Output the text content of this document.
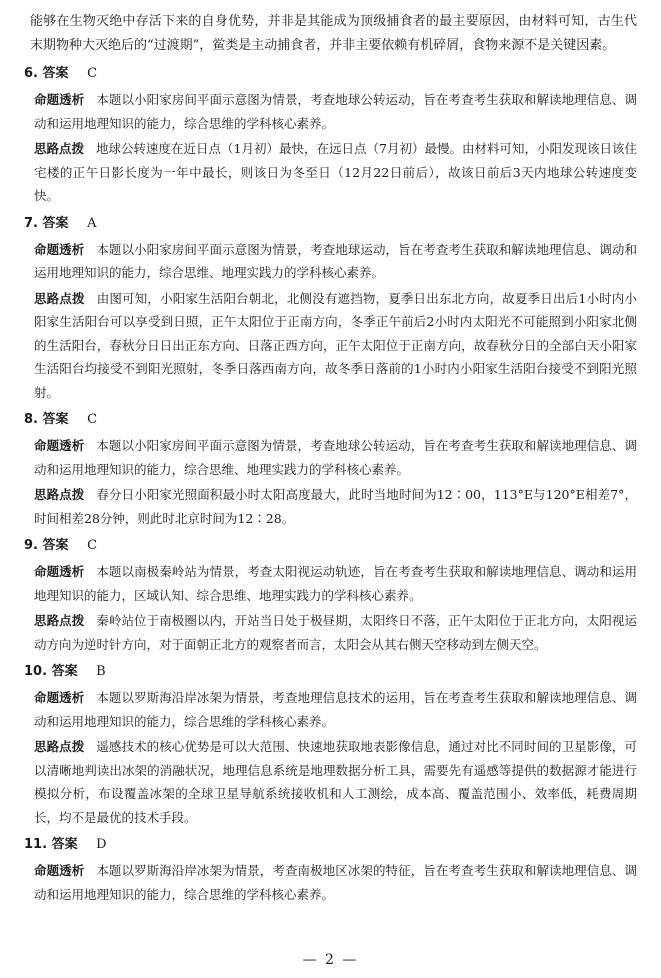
能够在生物灭绝中存活下来的自身优势，并非是其能成为顶级捕食者的最主要原因，由材料可知，古生代末期物种大灭绝后的“过渡期”，鲎类是主动捕食者，并非主要依赖有机碎屑，食物来源不是关键因素。

6. 答案 C

命题透析 本题以小阳家房间平面示意图为情景，考查地球公转运动，旨在考查考生获取和解读地理信息、调动和运用地理知识的能力，综合思维的学科核心素养。

思路点拨 地球公转速度在近日点（1月初）最快，在远日点（7月初）最慢。由材料可知，小阳发现该日该住宅楼的正午日影长度为一年中最长，则该日为冬至日（12月22日前后），故该日前后3天内地球公转速度变快。

7. 答案 A

命题透析 本题以小阳家房间平面示意图为情景，考查地球运动，旨在考查考生获取和解读地理信息、调动和运用地理知识的能力，综合思维、地理实践力的学科核心素养。

思路点拨 由图可知，小阳家生活阳台朝北，北侧没有遮挡物，夏季日出东北方向，故夏季日出后1小时内小阳家生活阳台可以享受到日照，正午太阳位于正南方向，冬季正午前后2小时内太阳光不可能照到小阳家北侧的生活阳台，春秋分日日出正东方向、日落正西方向，正午太阳位于正南方向，故春秋分日的全部白天小阳家生活阳台均接受不到阳光照射，冬季日落西南方向，故冬季日落前的1小时内小阳家生活阳台接受不到阳光照射。

8. 答案 C

命题透析 本题以小阳家房间平面示意图为情景，考查地球公转运动，旨在考查考生获取和解读地理信息、调动和运用地理知识的能力，综合思维、地理实践力的学科核心素养。

思路点拨 春分日小阳家光照面积最小时太阳高度最大，此时当地时间为12∶00，113°E与120°E相差7°，时间相差28分钟，则此时北京时间为12∶28。

9. 答案 C

命题透析 本题以南极秦岭站为情景，考查太阳视运动轨迹，旨在考查考生获取和解读地理信息、调动和运用地理知识的能力，区域认知、综合思维、地理实践力的学科核心素养。

思路点拨 秦岭站位于南极圈以内，开站当日处于极昼期，太阳终日不落，正午太阳位于正北方向，太阳视运动方向为逆时针方向，对于面朝正北方的观察者而言，太阳会从其右侧天空移动到左侧天空。

10. 答案 B

命题透析 本题以罗斯海沿岸冰架为情景，考查地理信息技术的运用，旨在考查考生获取和解读地理信息、调动和运用地理知识的能力，综合思维的学科核心素养。

思路点拨 遥感技术的核心优势是可以大范围、快速地获取地表影像信息，通过对比不同时间的卫星影像，可以清晰地判读出冰架的消融状况，地理信息系统是地理数据分析工具，需要先有遥感等提供的数据源才能进行模拟分析，布设覆盖冰架的全球卫星导航系统接收机和人工测绘，成本高、覆盖范围小、效率低，耗费周期长，均不是最优的技术手段。

11. 答案 D

命题透析 本题以罗斯海沿岸冰架为情景，考查南极地区冰架的特征，旨在考查考生获取和解读地理信息、调动和运用地理知识的能力，综合思维的学科核心素养。

— 2 —
